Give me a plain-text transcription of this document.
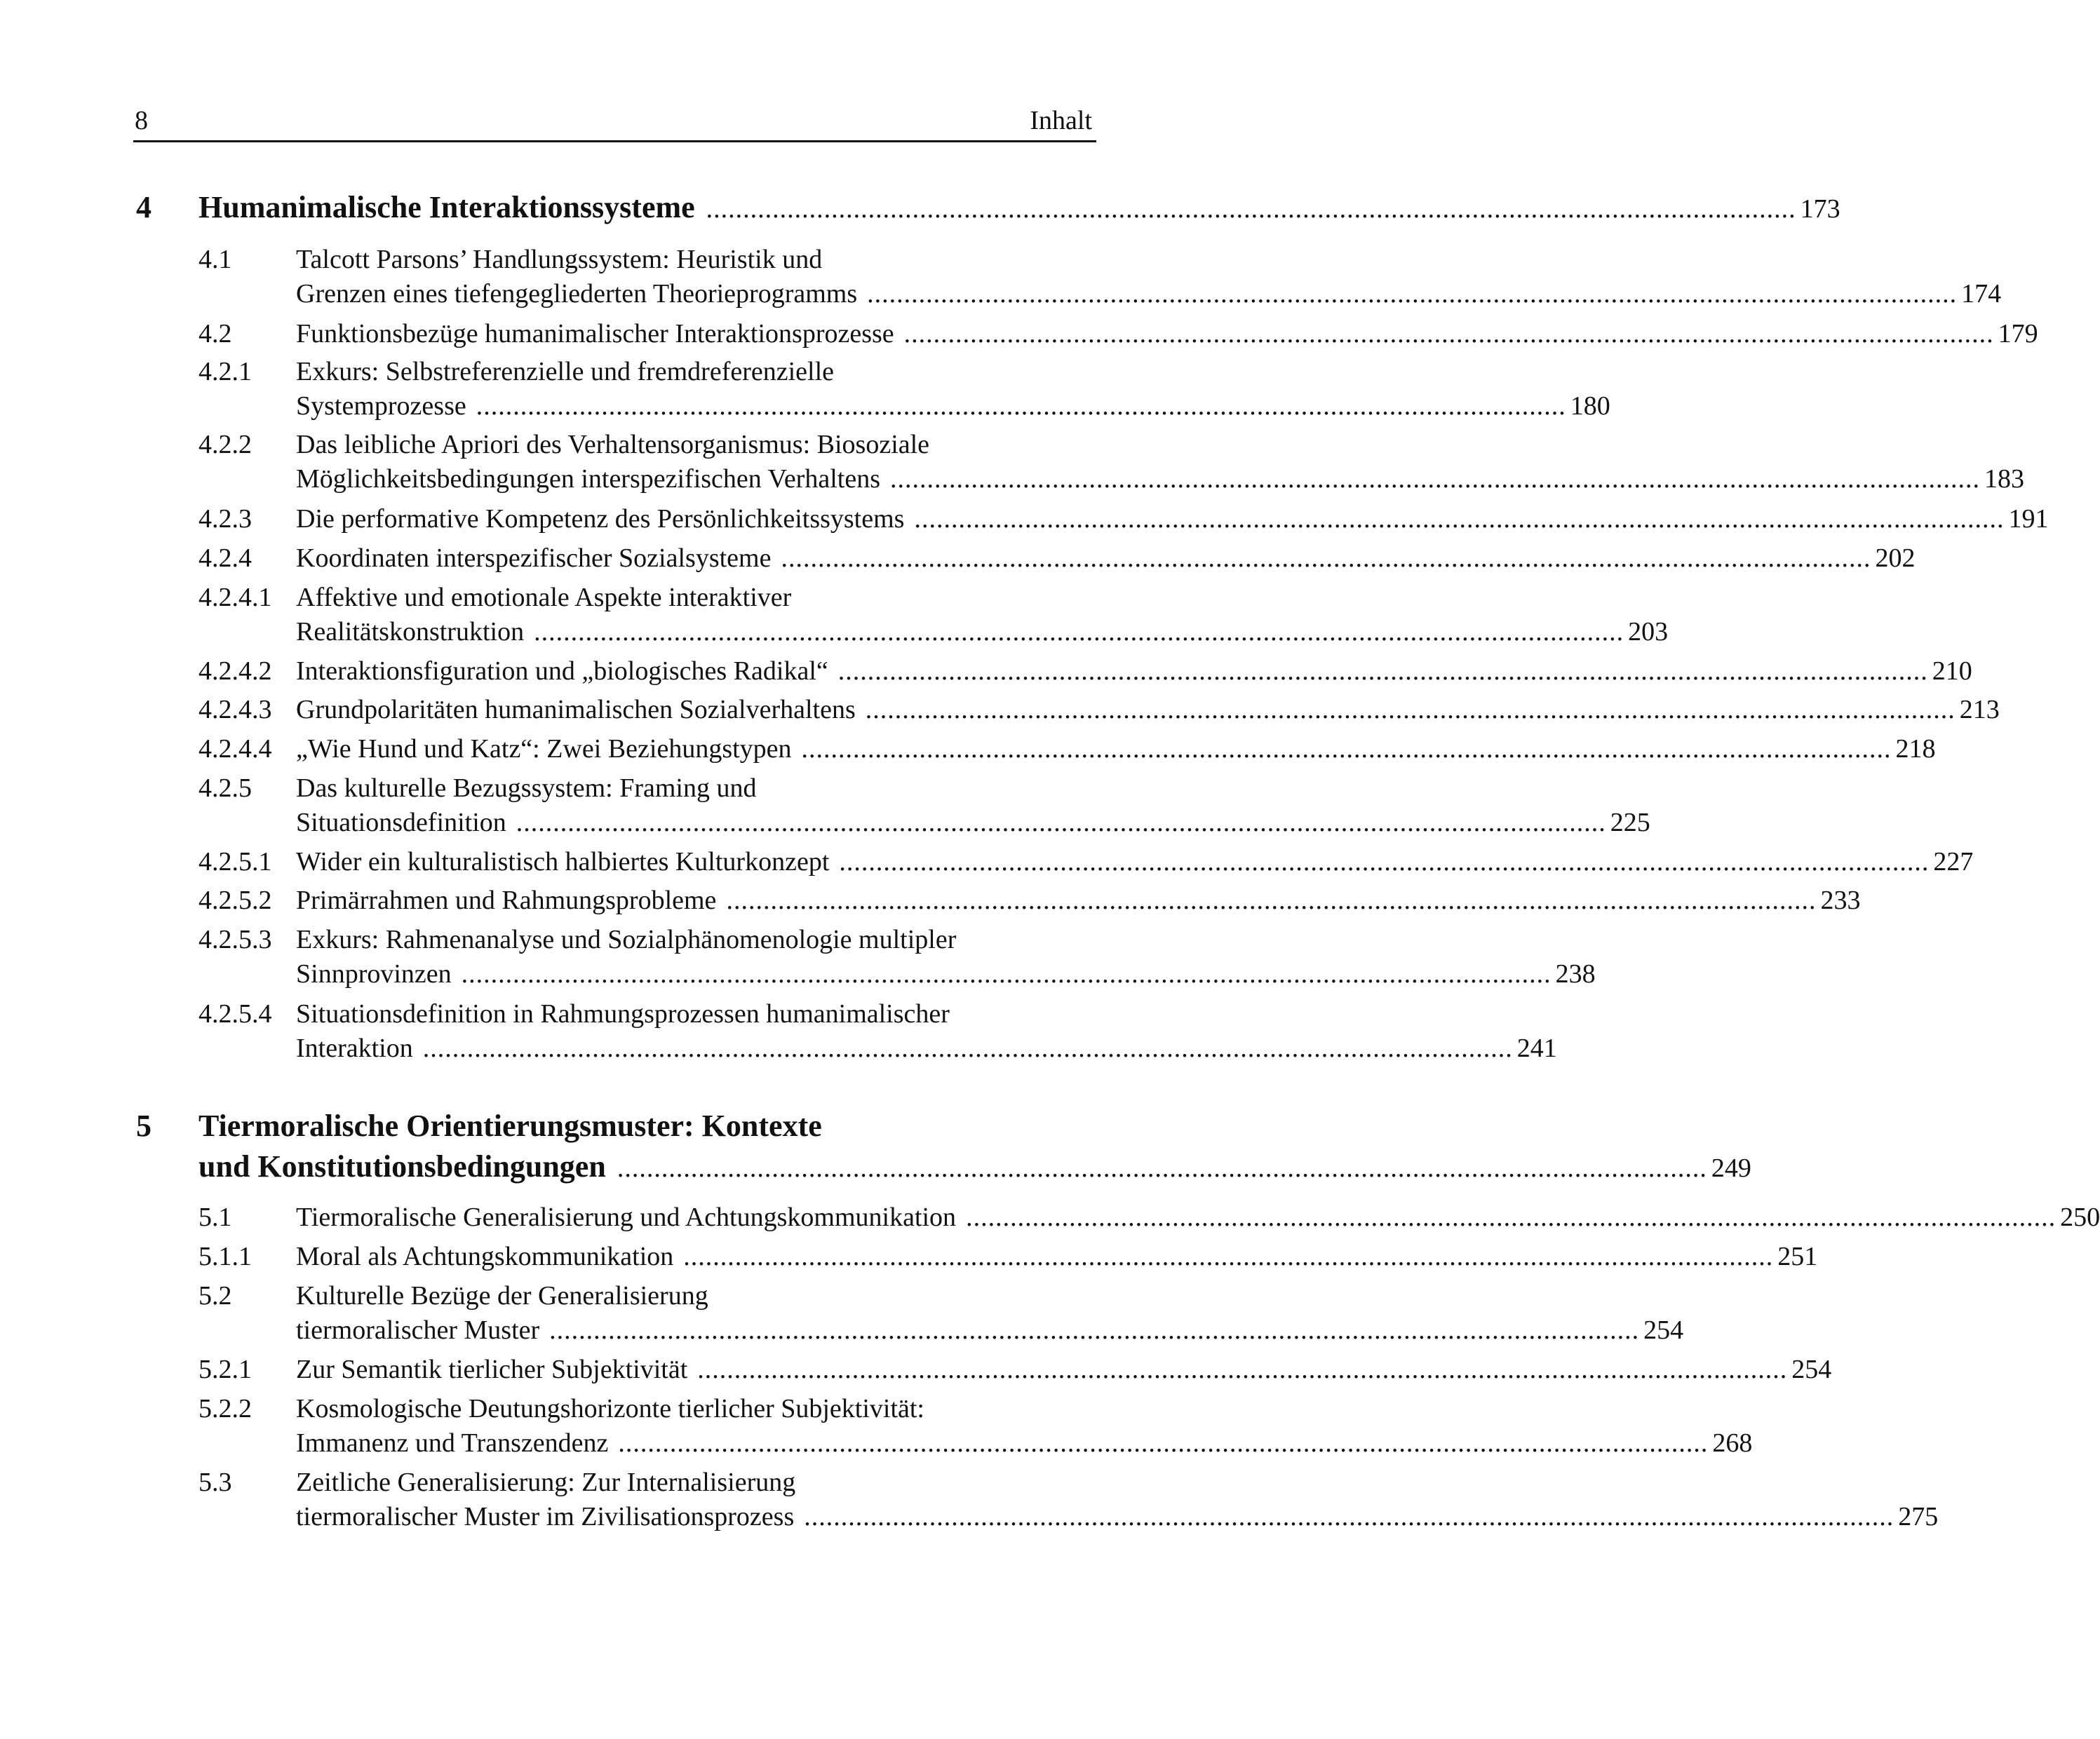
8	Inhalt
4 Humanimalische Interaktionssysteme .................................................................................................................................................... 173
4.1 Talcott Parsons’ Handlungssystem: Heuristik und
Grenzen eines tiefengegliederten Theorieprogramms .................................................................................................................................................... 174
4.2 Funktionsbezüge humanimalischer Interaktionsprozesse .................................................................................................................................................... 179
4.2.1 Exkurs: Selbstreferenzielle und fremdreferenzielle
Systemprozesse .................................................................................................................................................... 180
4.2.2 Das leibliche Apriori des Verhaltensorganismus: Biosoziale
Möglichkeitsbedingungen interspezifischen Verhaltens .................................................................................................................................................... 183
4.2.3 Die performative Kompetenz des Persönlichkeitssystems .................................................................................................................................................... 191
4.2.4 Koordinaten interspezifischer Sozialsysteme .................................................................................................................................................... 202
4.2.4.1 Affektive und emotionale Aspekte interaktiver
Realitätskonstruktion .................................................................................................................................................... 203
4.2.4.2 Interaktionsfiguration und „biologisches Radikal“ .................................................................................................................................................... 210
4.2.4.3 Grundpolaritäten humanimalischen Sozialverhaltens .................................................................................................................................................... 213
4.2.4.4 „Wie Hund und Katz“: Zwei Beziehungstypen .................................................................................................................................................... 218
4.2.5 Das kulturelle Bezugssystem: Framing und
Situationsdefinition .................................................................................................................................................... 225
4.2.5.1 Wider ein kulturalistisch halbiertes Kulturkonzept .................................................................................................................................................... 227
4.2.5.2 Primärrahmen und Rahmungsprobleme .................................................................................................................................................... 233
4.2.5.3 Exkurs: Rahmenanalyse und Sozialphänomenologie multipler
Sinnprovinzen .................................................................................................................................................... 238
4.2.5.4 Situationsdefinition in Rahmungsprozessen humanimalischer
Interaktion .................................................................................................................................................... 241
5 Tiermoralische Orientierungsmuster: Kontexte
und Konstitutionsbedingungen .................................................................................................................................................... 249
5.1 Tiermoralische Generalisierung und Achtungskommunikation .................................................................................................................................................... 250
5.1.1 Moral als Achtungskommunikation .................................................................................................................................................... 251
5.2 Kulturelle Bezüge der Generalisierung
tiermoralischer Muster .................................................................................................................................................... 254
5.2.1 Zur Semantik tierlicher Subjektivität .................................................................................................................................................... 254
5.2.2 Kosmologische Deutungshorizonte tierlicher Subjektivität:
Immanenz und Transzendenz .................................................................................................................................................... 268
5.3 Zeitliche Generalisierung: Zur Internalisierung
tiermoralischer Muster im Zivilisationsprozess .................................................................................................................................................... 275
